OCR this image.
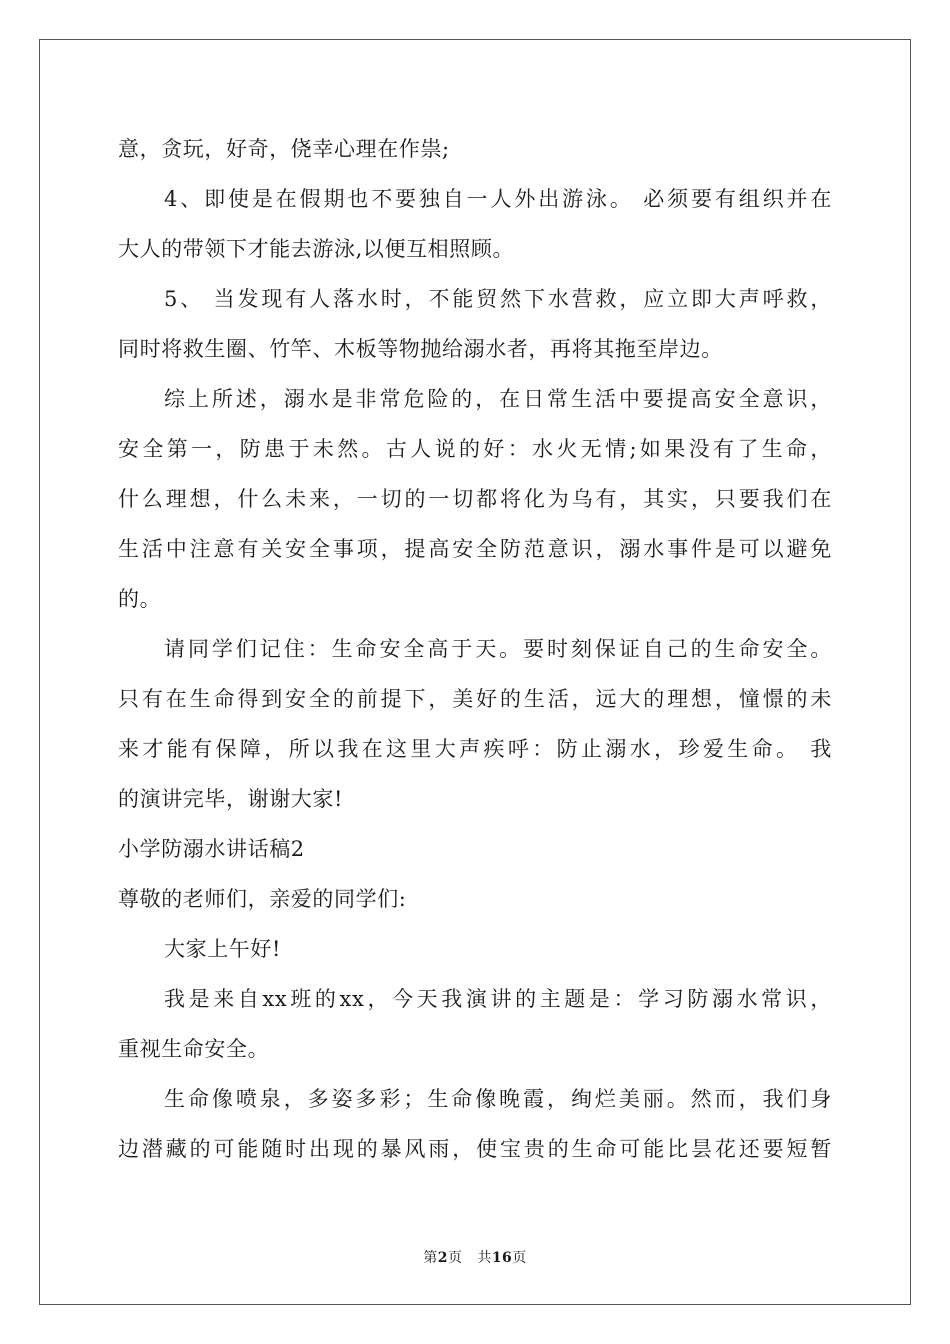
意，贪玩，好奇，侥幸心理在作祟;
4、即使是在假期也不要独自一人外出游泳。 必须要有组织并在
大人的带领下才能去游泳,以便互相照顾。
5、 当发现有人落水时，不能贸然下水营救，应立即大声呼救，
同时将救生圈、竹竿、木板等物抛给溺水者，再将其拖至岸边。
综上所述，溺水是非常危险的，在日常生活中要提高安全意识，
安全第一，防患于未然。古人说的好：水火无情;如果没有了生命，
什么理想，什么未来，一切的一切都将化为乌有，其实，只要我们在
生活中注意有关安全事项，提高安全防范意识，溺水事件是可以避免
的。
请同学们记住：生命安全高于天。要时刻保证自己的生命安全。
只有在生命得到安全的前提下，美好的生活，远大的理想，憧憬的未
来才能有保障，所以我在这里大声疾呼：防止溺水，珍爱生命。 我
的演讲完毕，谢谢大家!
小学防溺水讲话稿2
尊敬的老师们，亲爱的同学们:
大家上午好!
我是来自xx班的xx，今天我演讲的主题是：学习防溺水常识，
重视生命安全。
生命像喷泉，多姿多彩；生命像晚霞，绚烂美丽。然而，我们身
边潜藏的可能随时出现的暴风雨，使宝贵的生命可能比昙花还要短暂
第2页 共16页
